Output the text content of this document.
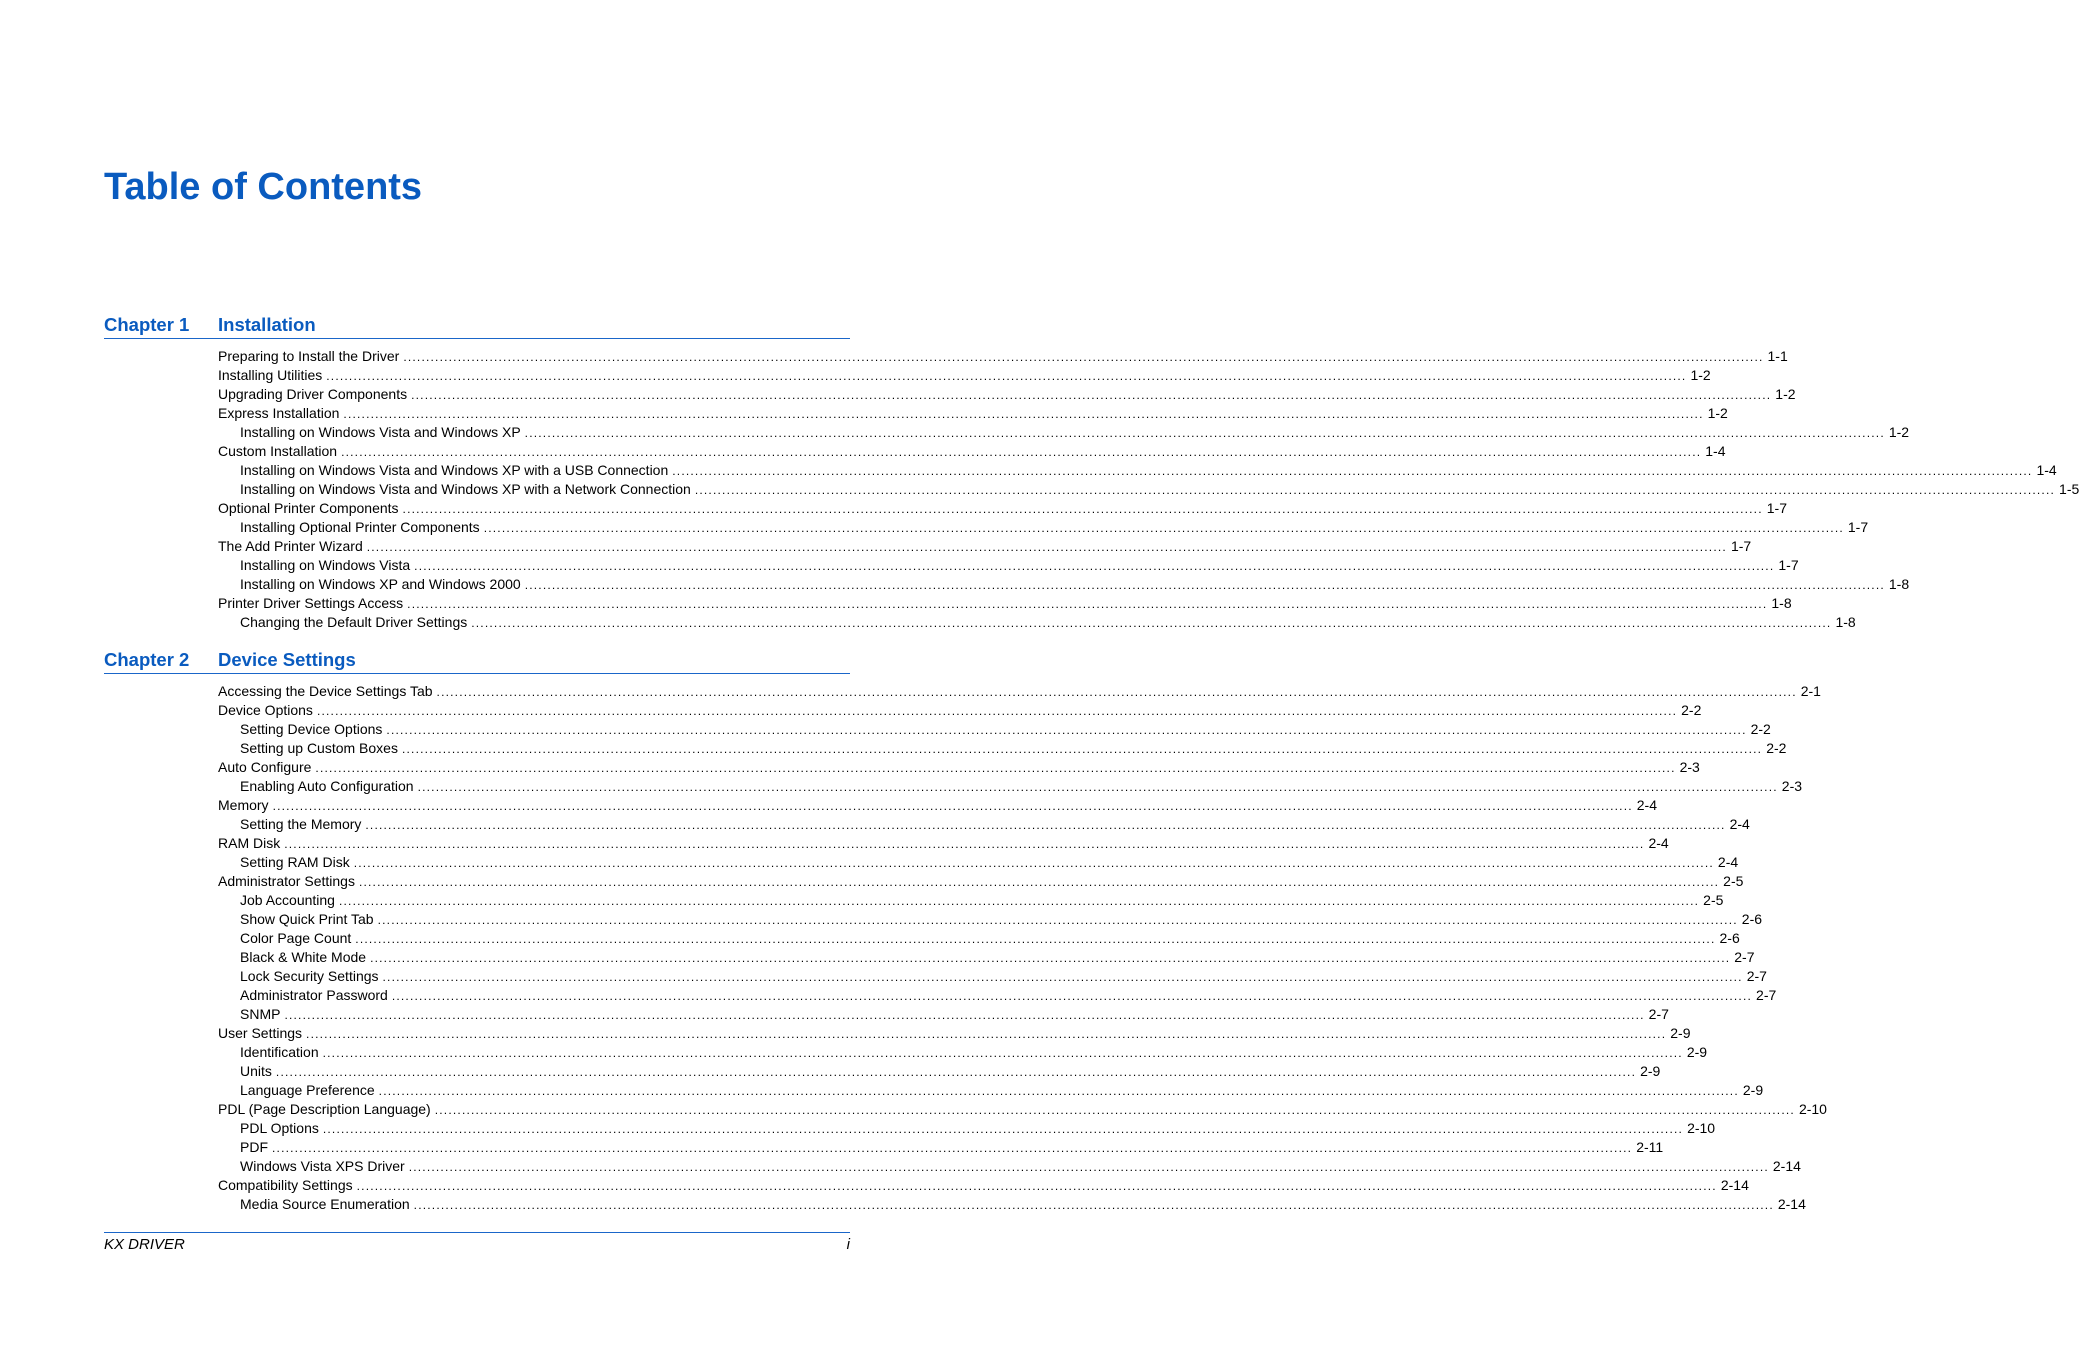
Table of Contents
Chapter 1 Installation
Preparing to Install the Driver ............................................................................................................................................................................................................................................................................................................ 1-1
Installing Utilities ............................................................................................................................................................................................................................................................................................................ 1-2
Upgrading Driver Components ............................................................................................................................................................................................................................................................................................................ 1-2
Express Installation ............................................................................................................................................................................................................................................................................................................ 1-2
Installing on Windows Vista and Windows XP ............................................................................................................................................................................................................................................................................................................ 1-2
Custom Installation ............................................................................................................................................................................................................................................................................................................ 1-4
Installing on Windows Vista and Windows XP with a USB Connection ............................................................................................................................................................................................................................................................................................................ 1-4
Installing on Windows Vista and Windows XP with a Network Connection ............................................................................................................................................................................................................................................................................................................ 1-5
Optional Printer Components ............................................................................................................................................................................................................................................................................................................ 1-7
Installing Optional Printer Components ............................................................................................................................................................................................................................................................................................................ 1-7
The Add Printer Wizard ............................................................................................................................................................................................................................................................................................................ 1-7
Installing on Windows Vista ............................................................................................................................................................................................................................................................................................................ 1-7
Installing on Windows XP and Windows 2000 ............................................................................................................................................................................................................................................................................................................ 1-8
Printer Driver Settings Access ............................................................................................................................................................................................................................................................................................................ 1-8
Changing the Default Driver Settings ............................................................................................................................................................................................................................................................................................................ 1-8
Chapter 2 Device Settings
Accessing the Device Settings Tab ............................................................................................................................................................................................................................................................................................................ 2-1
Device Options ............................................................................................................................................................................................................................................................................................................ 2-2
Setting Device Options ............................................................................................................................................................................................................................................................................................................ 2-2
Setting up Custom Boxes ............................................................................................................................................................................................................................................................................................................ 2-2
Auto Configure ............................................................................................................................................................................................................................................................................................................ 2-3
Enabling Auto Configuration ............................................................................................................................................................................................................................................................................................................ 2-3
Memory ............................................................................................................................................................................................................................................................................................................ 2-4
Setting the Memory ............................................................................................................................................................................................................................................................................................................ 2-4
RAM Disk ............................................................................................................................................................................................................................................................................................................ 2-4
Setting RAM Disk ............................................................................................................................................................................................................................................................................................................ 2-4
Administrator Settings ............................................................................................................................................................................................................................................................................................................ 2-5
Job Accounting ............................................................................................................................................................................................................................................................................................................ 2-5
Show Quick Print Tab ............................................................................................................................................................................................................................................................................................................ 2-6
Color Page Count ............................................................................................................................................................................................................................................................................................................ 2-6
Black & White Mode ............................................................................................................................................................................................................................................................................................................ 2-7
Lock Security Settings ............................................................................................................................................................................................................................................................................................................ 2-7
Administrator Password ............................................................................................................................................................................................................................................................................................................ 2-7
SNMP ............................................................................................................................................................................................................................................................................................................ 2-7
User Settings ............................................................................................................................................................................................................................................................................................................ 2-9
Identification ............................................................................................................................................................................................................................................................................................................ 2-9
Units ............................................................................................................................................................................................................................................................................................................ 2-9
Language Preference ............................................................................................................................................................................................................................................................................................................ 2-9
PDL (Page Description Language) ............................................................................................................................................................................................................................................................................................................ 2-10
PDL Options ............................................................................................................................................................................................................................................................................................................ 2-10
PDF ............................................................................................................................................................................................................................................................................................................ 2-11
Windows Vista XPS Driver ............................................................................................................................................................................................................................................................................................................ 2-14
Compatibility Settings ............................................................................................................................................................................................................................................................................................................ 2-14
Media Source Enumeration ............................................................................................................................................................................................................................................................................................................ 2-14
KX DRIVER	i
